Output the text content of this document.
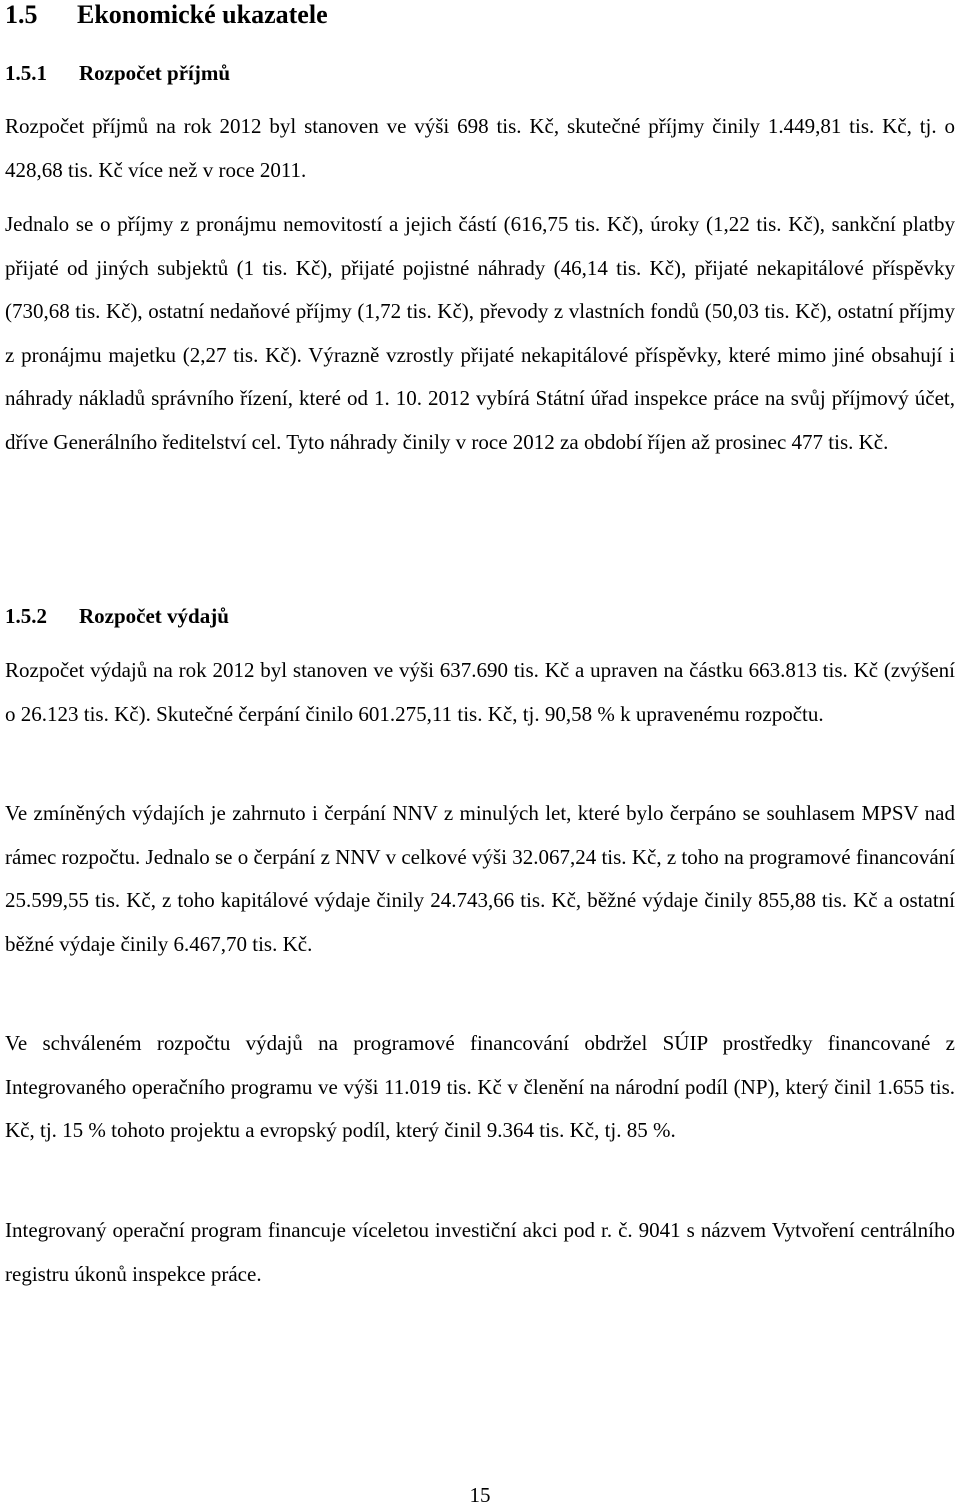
1.5 Ekonomické ukazatele
1.5.1 Rozpočet příjmů

Rozpočet příjmů na rok 2012 byl stanoven ve výši 698 tis. Kč, skutečné příjmy činily 1.449,81 tis. Kč, tj. o 428,68 tis. Kč více než v roce 2011.

Jednalo se o příjmy z pronájmu nemovitostí a jejich částí (616,75 tis. Kč), úroky (1,22 tis. Kč), sankční platby přijaté od jiných subjektů (1 tis. Kč), přijaté pojistné náhrady (46,14 tis. Kč), přijaté nekapitálové příspěvky (730,68 tis. Kč), ostatní nedaňové příjmy (1,72 tis. Kč), převody z vlastních fondů (50,03 tis. Kč), ostatní příjmy z pronájmu majetku (2,27 tis. Kč). Výrazně vzrostly přijaté nekapitálové příspěvky, které mimo jiné obsahují i náhrady nákladů správního řízení, které od 1. 10. 2012 vybírá Státní úřad inspekce práce na svůj příjmový účet, dříve Generálního ředitelství cel. Tyto náhrady činily v roce 2012 za období říjen až prosinec 477 tis. Kč.

1.5.2 Rozpočet výdajů

Rozpočet výdajů na rok 2012 byl stanoven ve výši 637.690 tis. Kč a upraven na částku 663.813 tis. Kč (zvýšení o 26.123 tis. Kč). Skutečné čerpání činilo 601.275,11 tis. Kč, tj. 90,58 % k upravenému rozpočtu.

Ve zmíněných výdajích je zahrnuto i čerpání NNV z minulých let, které bylo čerpáno se souhlasem MPSV nad rámec rozpočtu. Jednalo se o čerpání z NNV v celkové výši 32.067,24 tis. Kč, z toho na programové financování 25.599,55 tis. Kč, z toho kapitálové výdaje činily 24.743,66 tis. Kč, běžné výdaje činily 855,88 tis. Kč a ostatní běžné výdaje činily 6.467,70 tis. Kč.

Ve schváleném rozpočtu výdajů na programové financování obdržel SÚIP prostředky financované z Integrovaného operačního programu ve výši 11.019 tis. Kč v členění na národní podíl (NP), který činil 1.655 tis. Kč, tj. 15 % tohoto projektu a evropský podíl, který činil 9.364 tis. Kč, tj. 85 %.

Integrovaný operační program financuje víceletou investiční akci pod r. č. 9041 s názvem Vytvoření centrálního registru úkonů inspekce práce.

15
